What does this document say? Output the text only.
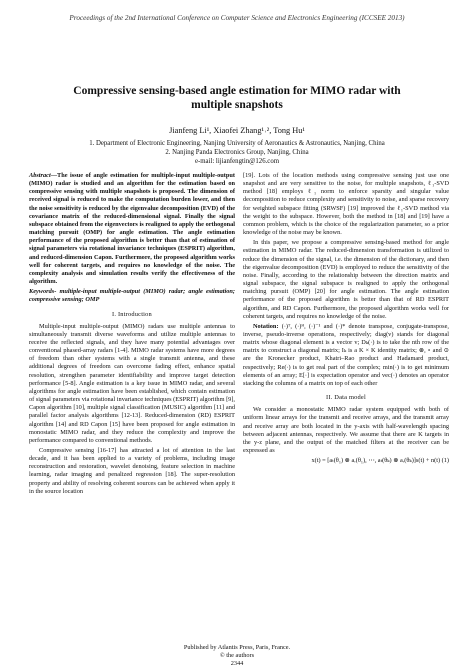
Proceedings of the 2nd International Conference on Computer Science and Electronics Engineering (ICCSEE 2013)
Compressive sensing-based angle estimation for MIMO radar with multiple snapshots
Jianfeng Li¹, Xiaofei Zhang¹˒², Tong Hu¹
1. Department of Electronic Engineering, Nanjing University of Aeronautics & Astronautics, Nanjing, China
2. Nanjing Panda Electronics Group, Nanjing, China
e-mail: lijianfengtin@126.com

Abstract—The issue of angle estimation for multiple-input multiple-output (MIMO) radar is studied and an algorithm for the estimation based on compressive sensing with multiple snapshots is proposed. The dimension of received signal is reduced to make the computation burden lower, and then the noise sensitivity is reduced by the eigenvalue decomposition (EVD) of the covariance matrix of the reduced-dimensional signal. Finally the signal subspace obtained from the eigenvectors is realigned to apply the orthogonal matching pursuit (OMP) for angle estimation. The angle estimation performance of the proposed algorithm is better than that of estimation of signal parameters via rotational invariance techniques (ESPRIT) algorithm, and reduced-dimension Capon. Furthermore, the proposed algorithm works well for coherent targets, and requires no knowledge of the noise. The complexity analysis and simulation results verify the effectiveness of the algorithm.

Keywords- multiple-input multiple-output (MIMO) radar; angle estimation; compressive sensing; OMP

I. Introduction

Multiple-input multiple-output (MIMO) radars use multiple antennas to simultaneously transmit diverse waveforms and utilize multiple antennas to receive the reflected signals, and they have many potential advantages over conventional phased-array radars [1-4]. MIMO radar systems have more degrees of freedom than other systems with a single transmit antenna, and these additional degrees of freedom can overcome fading effect, enhance spatial resolution, strengthen parameter identifiability and improve target detection performance [5-8]. Angle estimation is a key issue in MIMO radar, and several algorithms for angle estimation have been established, which contain estimation of signal parameters via rotational invariance techniques (ESPRIT) algorithm [9], Capon algorithm [10], multiple signal classification (MUSIC) algorithm [11] and parallel factor analysis algorithms [12-13]. Reduced-dimension (RD) ESPRIT algorithm [14] and RD Capon [15] have been proposed for angle estimation in monostatic MIMO radar, and they reduce the complexity and improve the performance compared to conventional methods.

Compressive sensing [16-17] has attracted a lot of attention in the last decade, and it has been applied to a variety of problems, including image reconstruction and restoration, wavelet denoising, feature selection in machine learning, radar imaging and penalized regression [18]. The super-resolution property and ability of resolving coherent sources can be achieved when apply it in the source location

[19]. Lots of the location methods using compressive sensing just use one snapshot and are very sensitive to the noise, for multiple snapshots, ℓ₁-SVD method [18] employs ℓ₁ norm to enforce sparsity and singular value decomposition to reduce complexity and sensitivity to noise, and sparse recovery for weighted subspace fitting (SRWSF) [19] improved the ℓ₁-SVD method via the weight to the subspace. However, both the method in [18] and [19] have a common problem, which is the choice of the regularization parameter, so a prior knowledge of the noise may be known.

In this paper, we propose a compressive sensing-based method for angle estimation in MIMO radar. The reduced-dimension transformation is utilized to reduce the dimension of the signal, i.e. the dimension of the dictionary, and then the eigenvalue decomposition (EVD) is employed to reduce the sensitivity of the noise. Finally, according to the relationship between the direction matrix and signal subspace, the signal subspace is realigned to apply the orthogonal matching pursuit (OMP) [20] for angle estimation. The angle estimation performance of the proposed algorithm is better than that of RD ESPRIT algorithm, and RD Capon. Furthermore, the proposed algorithm works well for coherent targets, and requires no knowledge of the noise.

Notation: (·)ᵀ, (·)ᴴ, (·)⁻¹ and (·)* denote transpose, conjugate-transpose, inverse, pseudo-inverse operations, respectively; diag(v) stands for diagonal matrix whose diagonal element is a vector v; Dₖ(·) is to take the nth row of the matrix to construct a diagonal matrix; Iₖ is a K × K identity matrix; ⊗, ∘ and ⊙ are the Kronecker product, Khatri–Rao product and Hadamard product, respectively; Re(·) is to get real part of the complex; min(·) is to get minimum elements of an array; E[·] is expectation operator and vec(·) denotes an operator stacking the columns of a matrix on top of each other

II. Data model

We consider a monostatic MIMO radar system equipped with both of uniform linear arrays for the transmit and receive arrays, and the transmit array and receive array are both located in the y-axis with half-wavelength spacing between adjacent antennas, respectively. We assume that there are K targets in the y-z plane, and the output of the matched filters at the receiver can be expressed as

x(t) = [aₜ(θ₁) ⊗ aᵣ(θ₁), ⋯, aₜ(θₖ) ⊗ aᵣ(θₖ)]s(t) + n(t) (1)
Published by Atlantis Press, Paris, France.
© the authors
2344
